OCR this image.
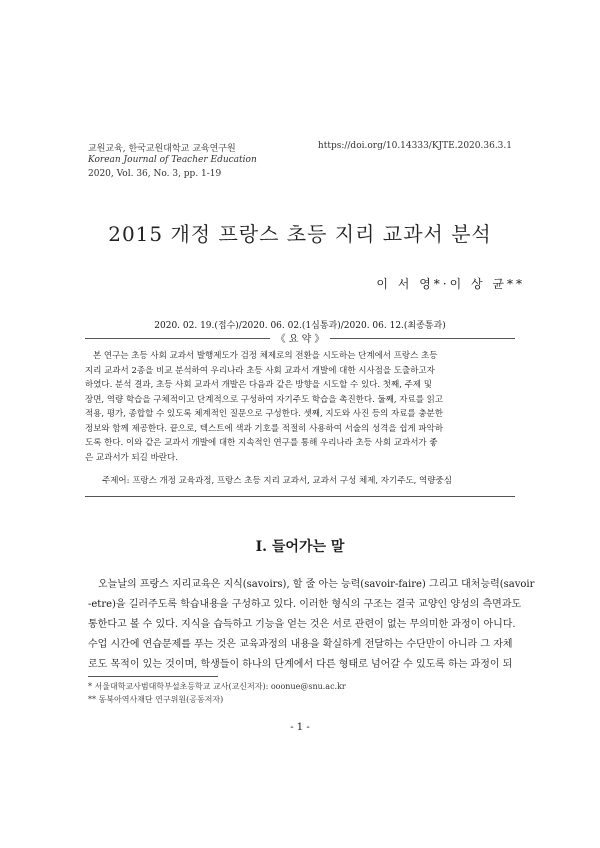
교원교육, 한국교원대학교 교육연구원
Korean Journal of Teacher Education
2020, Vol. 36, No. 3, pp. 1-19
https://doi.org/10.14333/KJTE.2020.36.3.1
2015 개정 프랑스 초등 지리 교과서 분석
이 서 영*·이 상 균**
2020. 02. 19.(접수)/2020. 06. 02.(1심통과)/2020. 06. 12.(최종통과)
《 요 약 》
본 연구는 초등 사회 교과서 발행제도가 검정 체제로의 전환을 시도하는 단계에서 프랑스 초등
지리 교과서 2종을 비교 분석하여 우리나라 초등 사회 교과서 개발에 대한 시사점을 도출하고자
하였다. 분석 결과, 초등 사회 교과서 개발은 다음과 같은 방향을 시도할 수 있다. 첫째, 주제 및
장면, 역량 학습을 구체적이고 단계적으로 구성하여 자기주도 학습을 촉진한다. 둘째, 자료를 읽고
적용, 평가, 종합할 수 있도록 체계적인 질문으로 구성한다. 셋째, 지도와 사진 등의 자료를 충분한
정보와 함께 제공한다. 끝으로, 텍스트에 색과 기호를 적절히 사용하여 서술의 성격을 쉽게 파악하
도록 한다. 이와 같은 교과서 개발에 대한 지속적인 연구를 통해 우리나라 초등 사회 교과서가 좋
은 교과서가 되길 바란다.
주제어: 프랑스 개정 교육과정, 프랑스 초등 지리 교과서, 교과서 구성 체제, 자기주도, 역량중심
Ⅰ. 들어가는 말
오늘날의 프랑스 지리교육은 지식(savoirs), 할 줄 아는 능력(savoir-faire) 그리고 대처능력(savoir
-etre)을 길러주도록 학습내용을 구성하고 있다. 이러한 형식의 구조는 결국 교양인 양성의 측면과도
통한다고 볼 수 있다. 지식을 습득하고 기능을 얻는 것은 서로 관련이 없는 무의미한 과정이 아니다.
수업 시간에 연습문제를 푸는 것은 교육과정의 내용을 확실하게 전달하는 수단만이 아니라 그 자체
로도 목적이 있는 것이며, 학생들이 하나의 단계에서 다른 형태로 넘어갈 수 있도록 하는 과정이 되
* 서울대학교사범대학부설초등학교 교사(교신저자): ooonue@snu.ac.kr
** 동북아역사재단 연구위원(공동저자)
- 1 -
